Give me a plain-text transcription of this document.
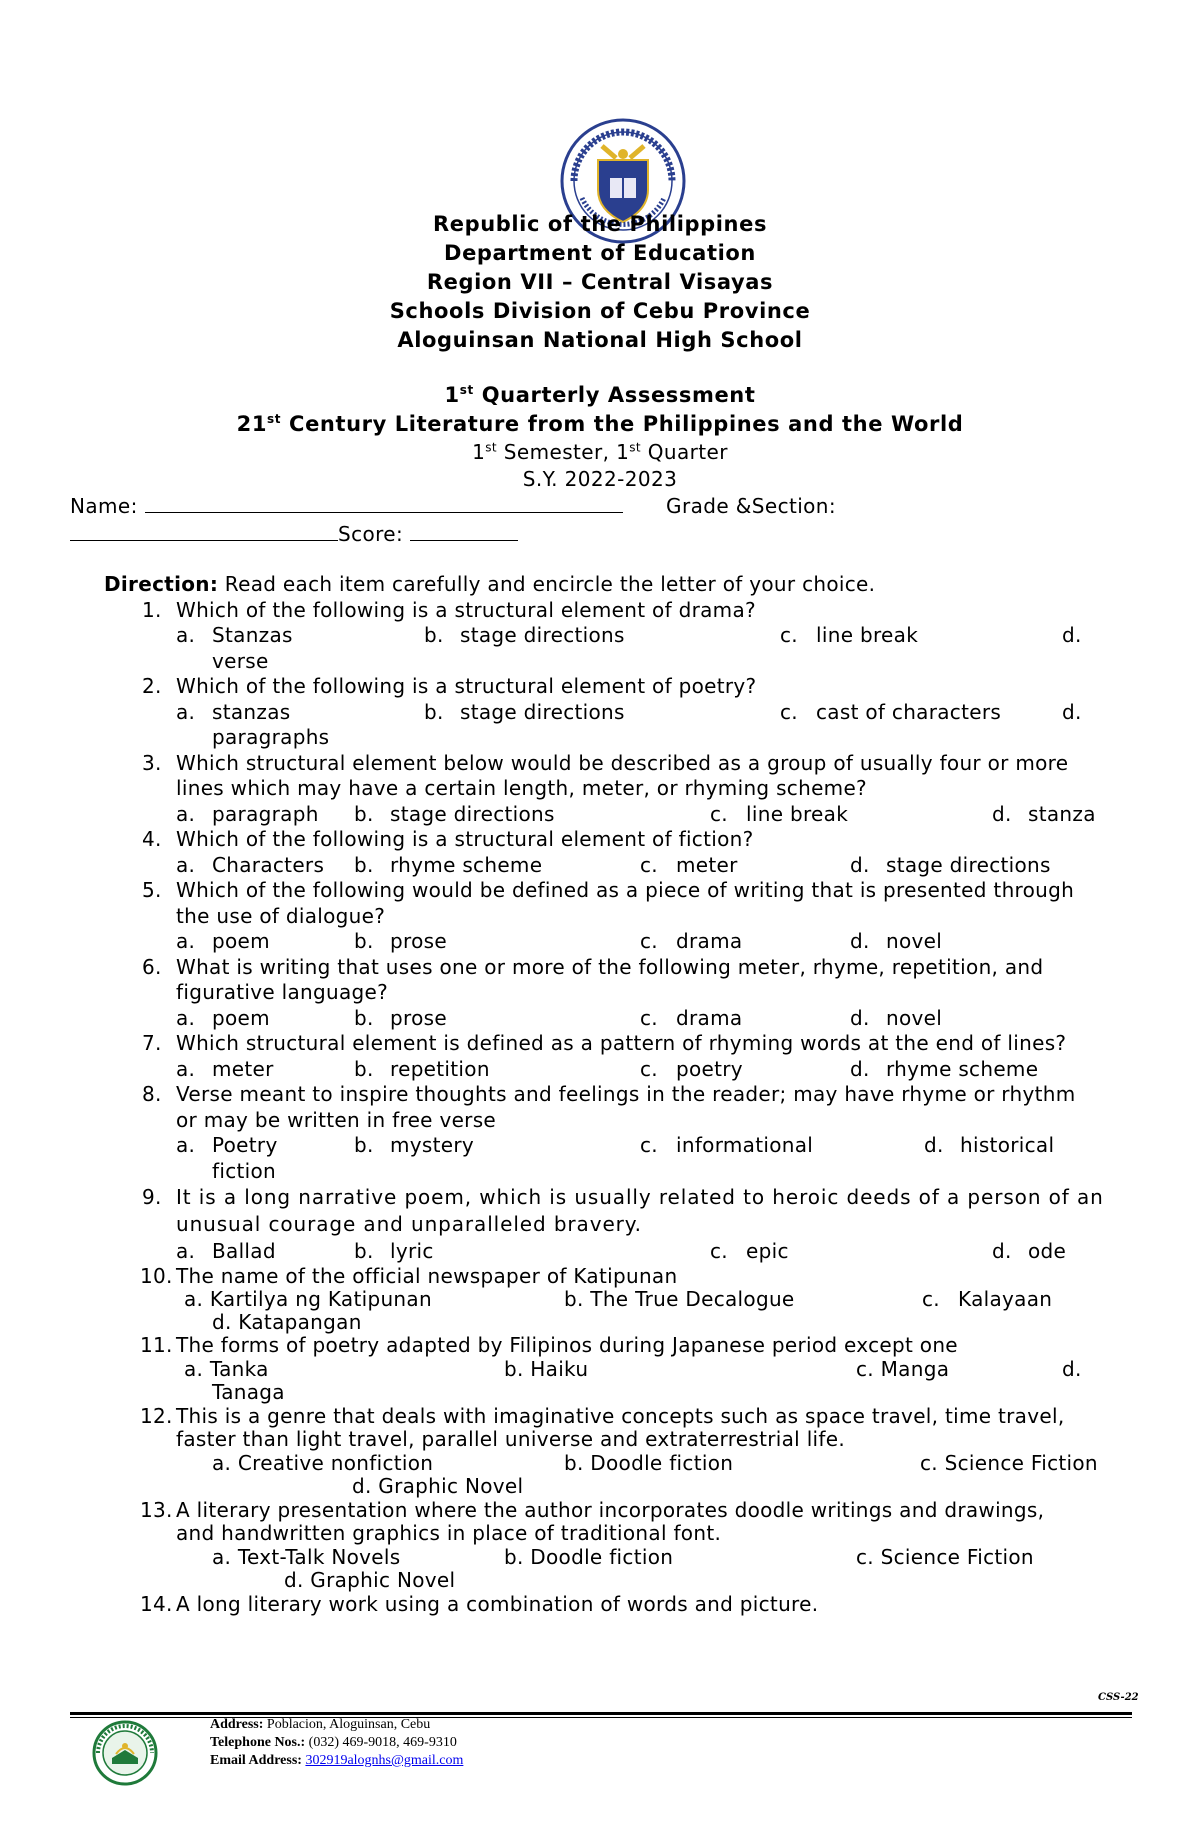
Republic of the Philippines
Department of Education
Region VII – Central Visayas
Schools Division of Cebu Province
Aloguinsan National High School
1st Quarterly Assessment
21st Century Literature from the Philippines and the World
1st Semester, 1st Quarter
S.Y. 2022-2023
Name:	Grade &Section:
Score:
Direction: Read each item carefully and encircle the letter of your choice.
1. Which of the following is a structural element of drama?
a. Stanzas	b. stage directions	c. line break	d.
verse
2. Which of the following is a structural element of poetry?
a. stanzas	b. stage directions	c. cast of characters	d.
paragraphs
3. Which structural element below would be described as a group of usually four or more
lines which may have a certain length, meter, or rhyming scheme?
a. paragraph b. stage directions	c. line break	d. stanza
4. Which of the following is a structural element of fiction?
a. Characters b. rhyme scheme	c. meter	d. stage directions
5. Which of the following would be defined as a piece of writing that is presented through
the use of dialogue?
a. poem	b. prose	c. drama	d. novel
6. What is writing that uses one or more of the following meter, rhyme, repetition, and
figurative language?
a. poem	b. prose	c. drama	d. novel
7. Which structural element is defined as a pattern of rhyming words at the end of lines?
a. meter	b. repetition	c. poetry	d. rhyme scheme
8. Verse meant to inspire thoughts and feelings in the reader; may have rhyme or rhythm
or may be written in free verse
a. Poetry	b. mystery	c. informational	d. historical
fiction
9. It is a long narrative poem, which is usually related to heroic deeds of a person of an
unusual courage and unparalleled bravery.
a. Ballad	b. lyric	c. epic	d. ode
10. The name of the official newspaper of Katipunan
a. Kartilya ng Katipunan	b. The True Decalogue	c. Kalayaan
d. Katapangan
11. The forms of poetry adapted by Filipinos during Japanese period except one
a. Tanka	b. Haiku	c. Manga	d.
Tanaga
12. This is a genre that deals with imaginative concepts such as space travel, time travel,
faster than light travel, parallel universe and extraterrestrial life.
a. Creative nonfiction	b. Doodle fiction	c. Science Fiction
d. Graphic Novel
13. A literary presentation where the author incorporates doodle writings and drawings,
and handwritten graphics in place of traditional font.
a. Text-Talk Novels	b. Doodle fiction	c. Science Fiction
d. Graphic Novel
14. A long literary work using a combination of words and picture.
CSS-22
Address: Poblacion, Aloguinsan, Cebu
Telephone Nos.: (032) 469-9018, 469-9310
Email Address: 302919alognhs@gmail.com
